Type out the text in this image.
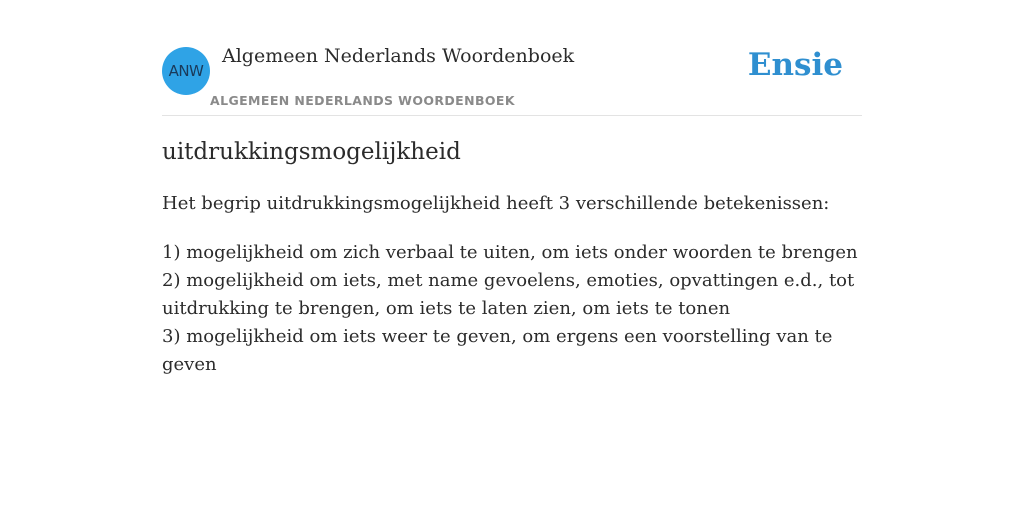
ANW
Algemeen Nederlands Woordenboek
ALGEMEEN NEDERLANDS WOORDENBOEK
Ensie
uitdrukkingsmogelijkheid

Het begrip uitdrukkingsmogelijkheid heeft 3 verschillende betekenissen:

1) mogelijkheid om zich verbaal te uiten, om iets onder woorden te brengen
2) mogelijkheid om iets, met name gevoelens, emoties, opvattingen e.d., tot uitdrukking te brengen, om iets te laten zien, om iets te tonen
3) mogelijkheid om iets weer te geven, om ergens een voorstelling van te geven
